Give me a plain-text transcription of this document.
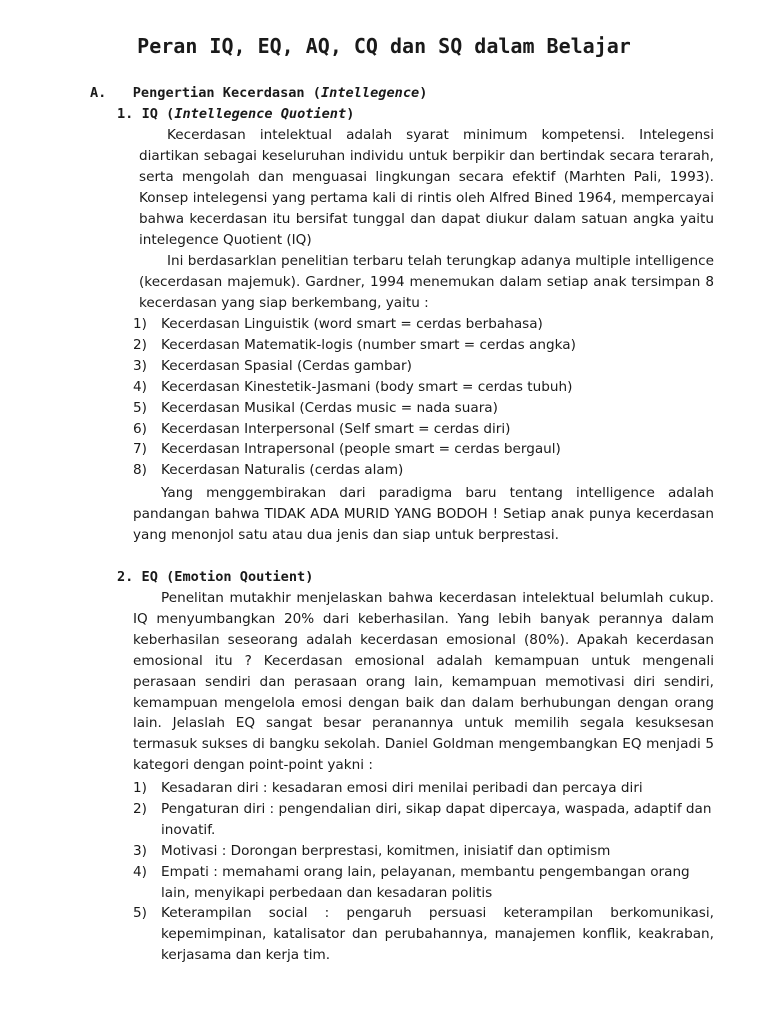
Peran IQ, EQ, AQ, CQ dan SQ dalam Belajar
A. Pengertian Kecerdasan (Intellegence)
1. IQ (Intellegence Quotient)

Kecerdasan intelektual adalah syarat minimum kompetensi. Intelegensi diartikan sebagai keseluruhan individu untuk berpikir dan bertindak secara terarah, serta mengolah dan menguasai lingkungan secara efektif (Marhten Pali, 1993). Konsep intelegensi yang pertama kali di rintis oleh Alfred Bined 1964, mempercayai bahwa kecerdasan itu bersifat tunggal dan dapat diukur dalam satuan angka yaitu intelegence Quotient (IQ)

Ini berdasarklan penelitian terbaru telah terungkap adanya multiple intelligence (kecerdasan majemuk). Gardner, 1994 menemukan dalam setiap anak tersimpan 8 kecerdasan yang siap berkembang, yaitu :

1) Kecerdasan Linguistik (word smart = cerdas berbahasa)
2) Kecerdasan Matematik-logis (number smart = cerdas angka)
3) Kecerdasan Spasial (Cerdas gambar)
4) Kecerdasan Kinestetik-Jasmani (body smart = cerdas tubuh)
5) Kecerdasan Musikal (Cerdas music = nada suara)
6) Kecerdasan Interpersonal (Self smart = cerdas diri)
7) Kecerdasan Intrapersonal (people smart = cerdas bergaul)
8) Kecerdasan Naturalis (cerdas alam)

Yang menggembirakan dari paradigma baru tentang intelligence adalah pandangan bahwa TIDAK ADA MURID YANG BODOH ! Setiap anak punya kecerdasan yang menonjol satu atau dua jenis dan siap untuk berprestasi.

2. EQ (Emotion Qoutient)

Penelitan mutakhir menjelaskan bahwa kecerdasan intelektual belumlah cukup. IQ menyumbangkan 20% dari keberhasilan. Yang lebih banyak perannya dalam keberhasilan seseorang adalah kecerdasan emosional (80%). Apakah kecerdasan emosional itu ? Kecerdasan emosional adalah kemampuan untuk mengenali perasaan sendiri dan perasaan orang lain, kemampuan memotivasi diri sendiri, kemampuan mengelola emosi dengan baik dan dalam berhubungan dengan orang lain. Jelaslah EQ sangat besar peranannya untuk memilih segala kesuksesan termasuk sukses di bangku sekolah. Daniel Goldman mengembangkan EQ menjadi 5 kategori dengan point-point yakni :

1) Kesadaran diri : kesadaran emosi diri menilai peribadi dan percaya diri
2) Pengaturan diri : pengendalian diri, sikap dapat dipercaya, waspada, adaptif dan inovatif.
3) Motivasi : Dorongan berprestasi, komitmen, inisiatif dan optimism
4) Empati : memahami orang lain, pelayanan, membantu pengembangan orang lain, menyikapi perbedaan dan kesadaran politis
5) Keterampilan social : pengaruh persuasi keterampilan berkomunikasi, kepemimpinan, katalisator dan perubahannya, manajemen konflik, keakraban, kerjasama dan kerja tim.
